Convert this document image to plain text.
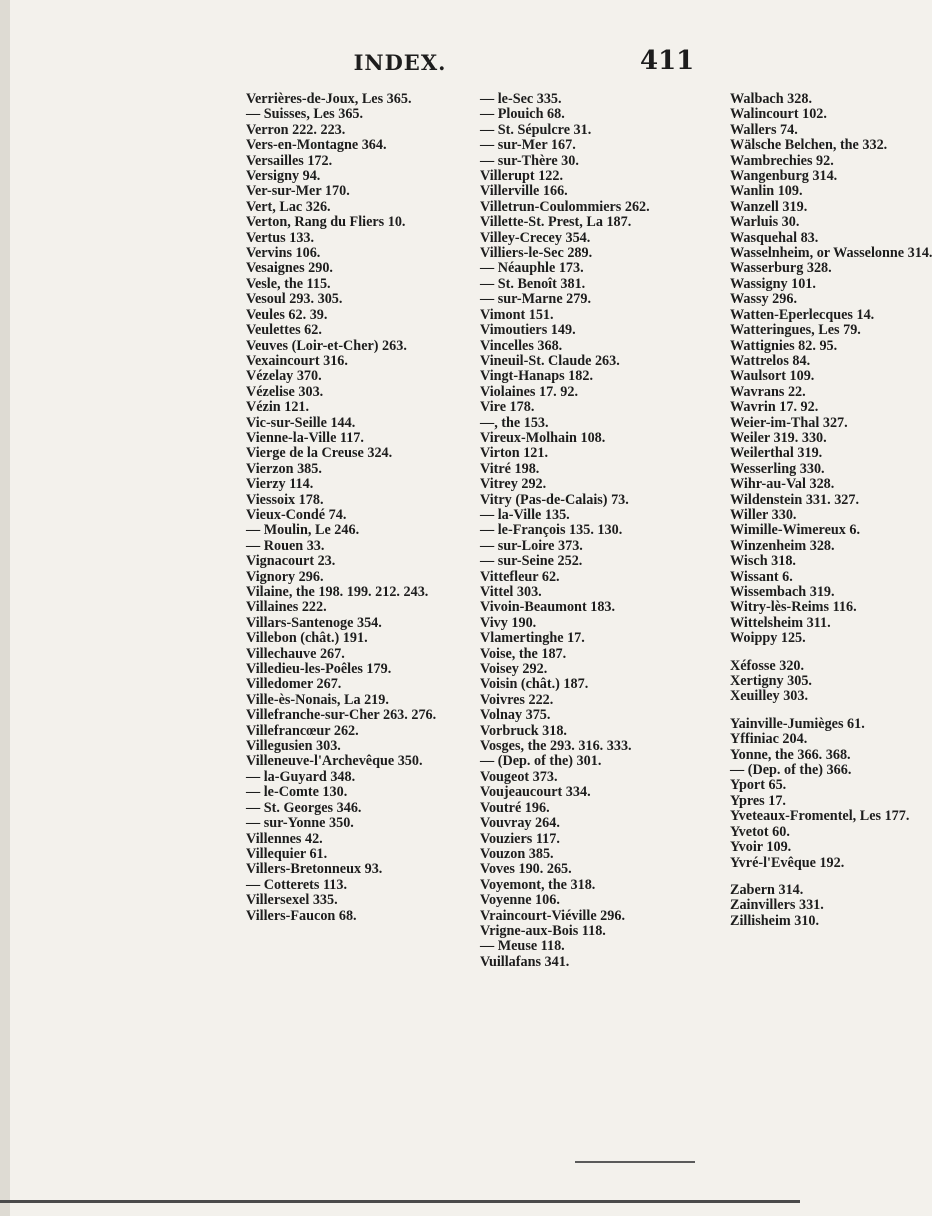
INDEX.	411
Verrières-de-Joux, Les 365.
— Suisses, Les 365.
Verron 222. 223.
Vers-en-Montagne 364.
Versailles 172.
Versigny 94.
Ver-sur-Mer 170.
Vert, Lac 326.
Verton, Rang du Fliers 10.
Vertus 133.
Vervins 106.
Vesaignes 290.
Vesle, the 115.
Vesoul 293. 305.
Veules 62. 39.
Veulettes 62.
Veuves (Loir-et-Cher) 263.
Vexaincourt 316.
Vézelay 370.
Vézelise 303.
Vézin 121.
Vic-sur-Seille 144.
Vienne-la-Ville 117.
Vierge de la Creuse 324.
Vierzon 385.
Vierzy 114.
Viessoix 178.
Vieux-Condé 74.
— Moulin, Le 246.
— Rouen 33.
Vignacourt 23.
Vignory 296.
Vilaine, the 198. 199. 212. 243.
Villaines 222.
Villars-Santenoge 354.
Villebon (chât.) 191.
Villechauve 267.
Villedieu-les-Poêles 179.
Villedomer 267.
Ville-ès-Nonais, La 219.
Villefranche-sur-Cher 263. 276.
Villefrancœur 262.
Villegusien 303.
Villeneuve-l'Archevêque 350.
— la-Guyard 348.
— le-Comte 130.
— St. Georges 346.
— sur-Yonne 350.
Villennes 42.
Villequier 61.
Villers-Bretonneux 93.
— Cotterets 113.
Villersexel 335.
Villers-Faucon 68.
— le-Sec 335.
— Plouich 68.
— St. Sépulcre 31.
— sur-Mer 167.
— sur-Thère 30.
Villerupt 122.
Villerville 166.
Villetrun-Coulommiers 262.
Villette-St. Prest, La 187.
Villey-Crecey 354.
Villiers-le-Sec 289.
— Néauphle 173.
— St. Benoît 381.
— sur-Marne 279.
Vimont 151.
Vimoutiers 149.
Vincelles 368.
Vineuil-St. Claude 263.
Vingt-Hanaps 182.
Violaines 17. 92.
Vire 178.
—, the 153.
Vireux-Molhain 108.
Virton 121.
Vitré 198.
Vitrey 292.
Vitry (Pas-de-Calais) 73.
— la-Ville 135.
— le-François 135. 130.
— sur-Loire 373.
— sur-Seine 252.
Vittefleur 62.
Vittel 303.
Vivoin-Beaumont 183.
Vivy 190.
Vlamertinghe 17.
Voise, the 187.
Voisey 292.
Voisin (chât.) 187.
Voivres 222.
Volnay 375.
Vorbruck 318.
Vosges, the 293. 316. 333.
— (Dep. of the) 301.
Vougeot 373.
Voujeaucourt 334.
Voutré 196.
Vouvray 264.
Vouziers 117.
Vouzon 385.
Voves 190. 265.
Voyemont, the 318.
Voyenne 106.
Vraincourt-Viéville 296.
Vrigne-aux-Bois 118.
— Meuse 118.
Vuillafans 341.
Walbach 328.
Walincourt 102.
Wallers 74.
Wälsche Belchen, the 332.
Wambrechies 92.
Wangenburg 314.
Wanlin 109.
Wanzell 319.
Warluis 30.
Wasquehal 83.
Wasselnheim, or Wasselonne 314.
Wasserburg 328.
Wassigny 101.
Wassy 296.
Watten-Eperlecques 14.
Watteringues, Les 79.
Wattignies 82. 95.
Wattrelos 84.
Waulsort 109.
Wavrans 22.
Wavrin 17. 92.
Weier-im-Thal 327.
Weiler 319. 330.
Weilerthal 319.
Wesserling 330.
Wihr-au-Val 328.
Wildenstein 331. 327.
Willer 330.
Wimille-Wimereux 6.
Winzenheim 328.
Wisch 318.
Wissant 6.
Wissembach 319.
Witry-lès-Reims 116.
Wittelsheim 311.
Woippy 125.
Xéfosse 320.
Xertigny 305.
Xeuilley 303.
Yainville-Jumièges 61.
Yffiniac 204.
Yonne, the 366. 368.
— (Dep. of the) 366.
Yport 65.
Ypres 17.
Yveteaux-Fromentel, Les 177.
Yvetot 60.
Yvoir 109.
Yvré-l'Evêque 192.
Zabern 314.
Zainvillers 331.
Zillisheim 310.
